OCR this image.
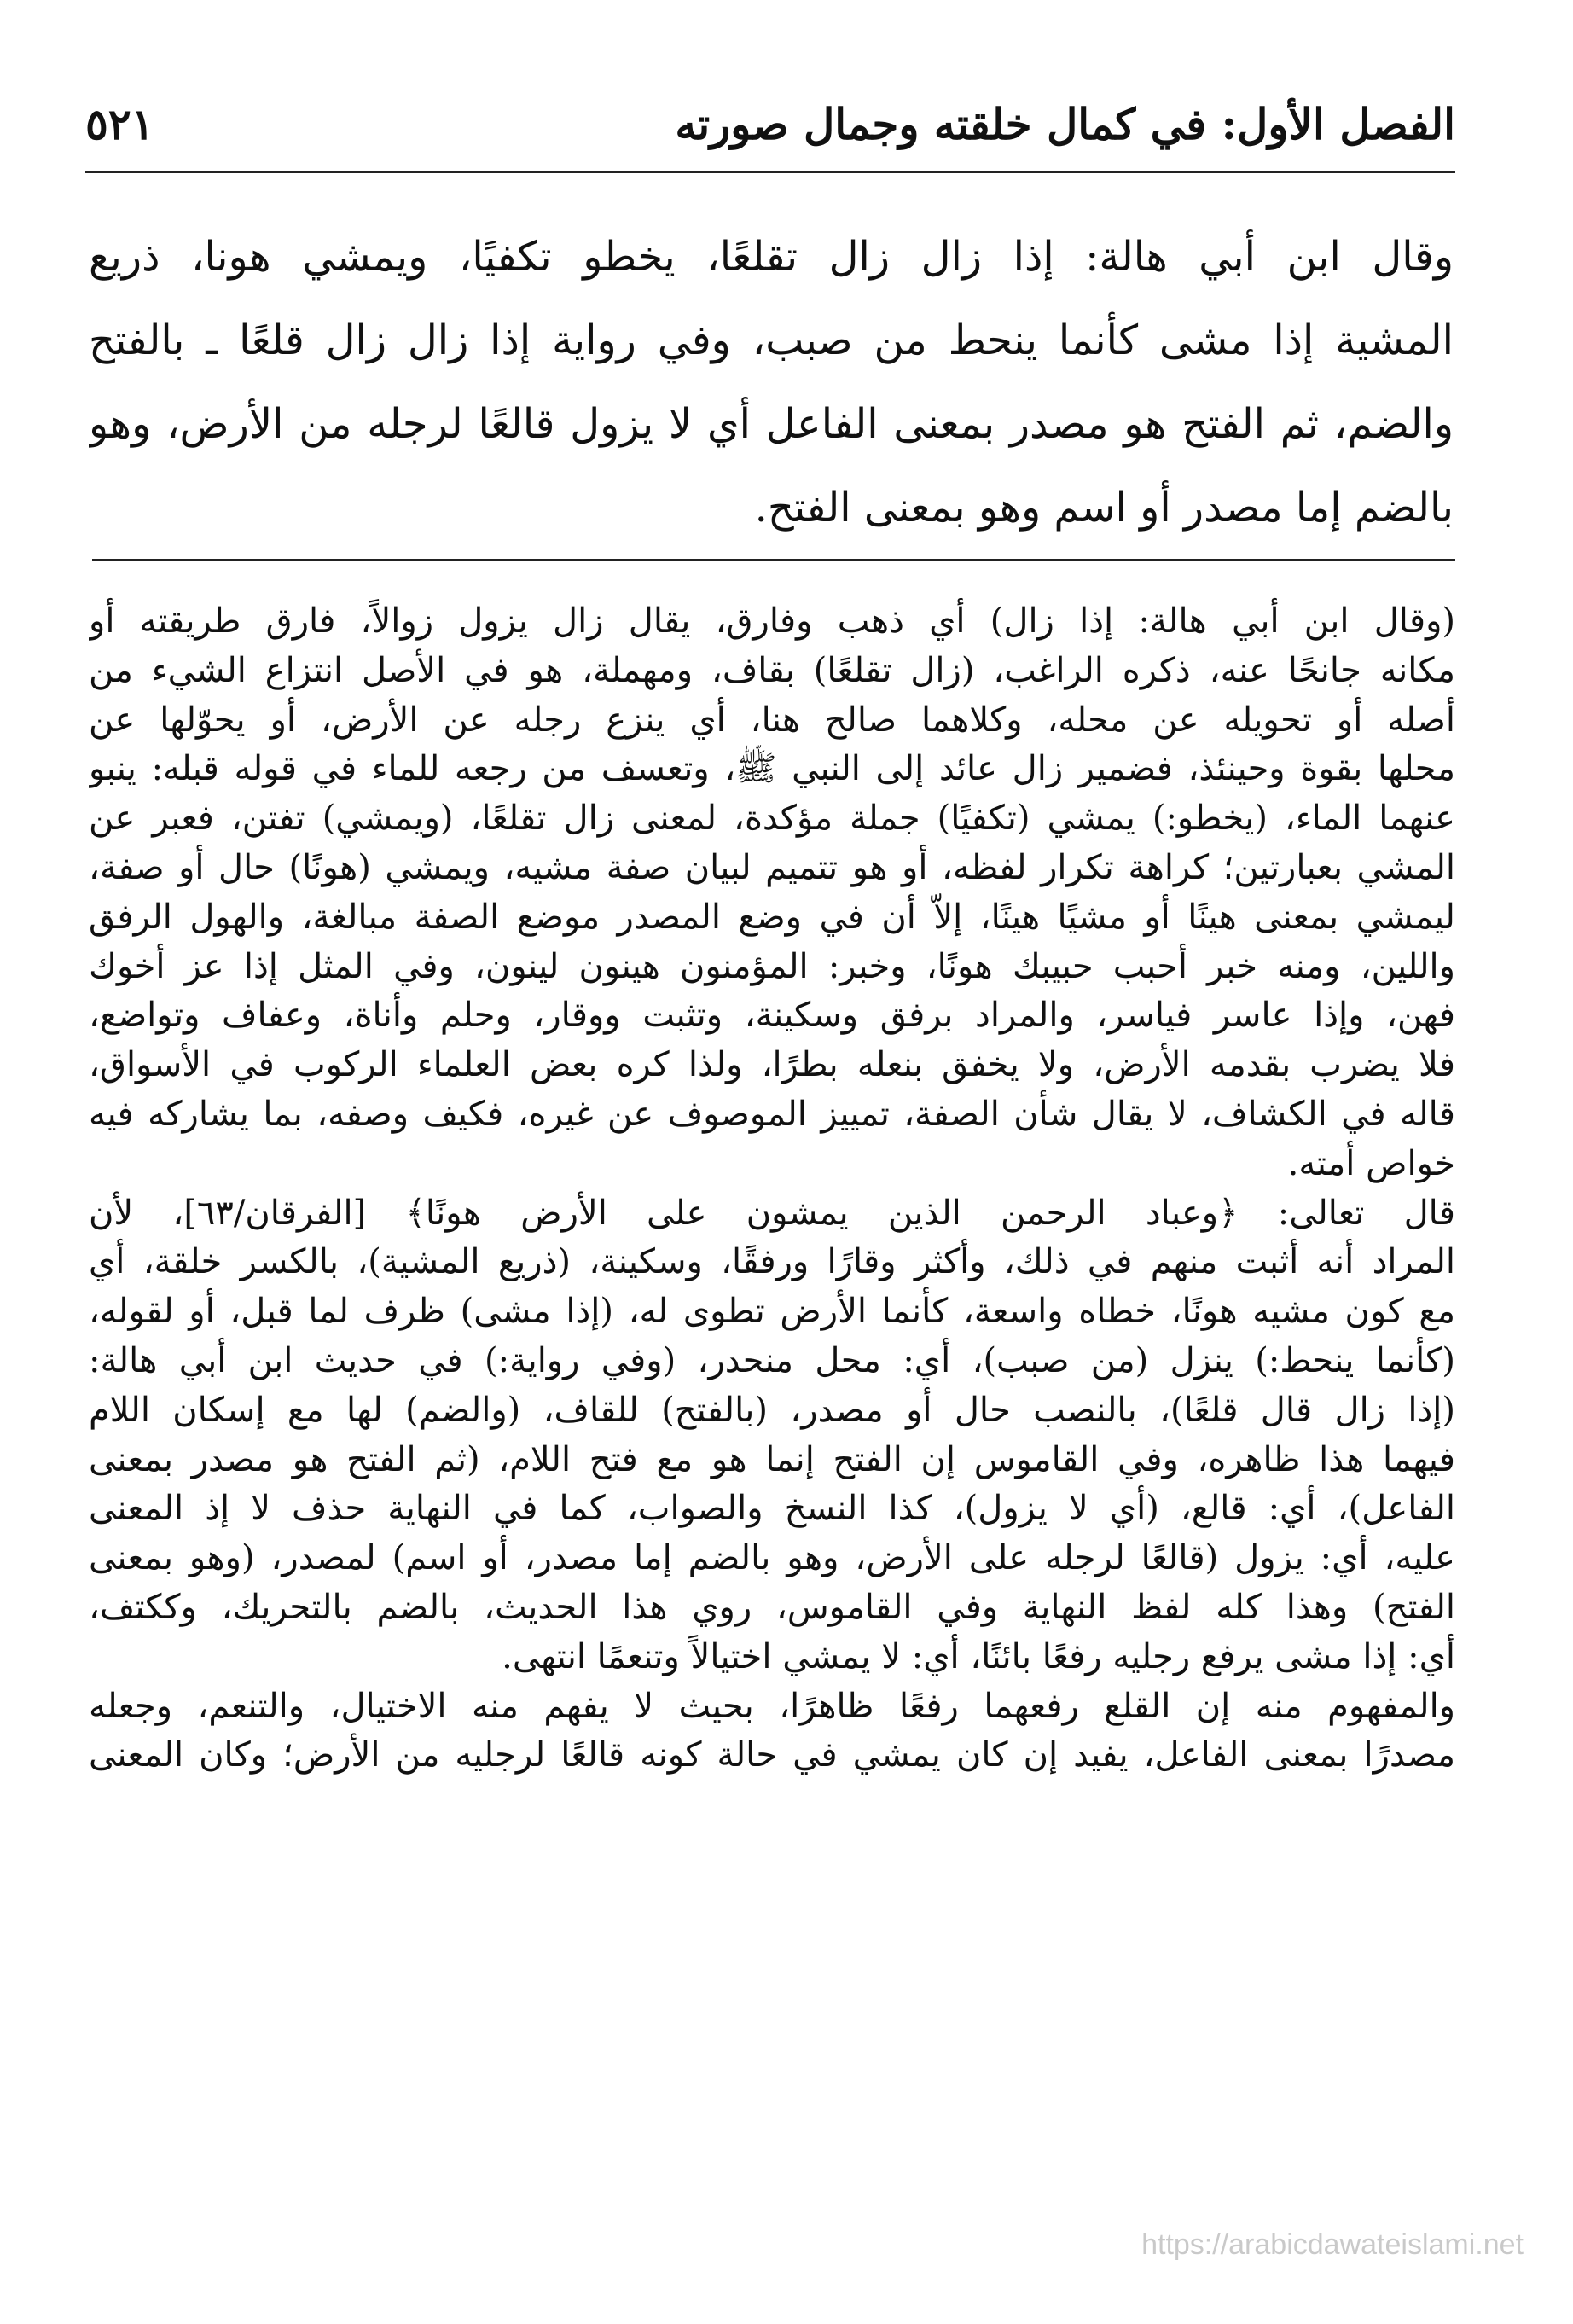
الفصل الأول: في كمال خلقته وجمال صورته
٥٢١
وقال ابن أبي هالة: إذا زال زال تقلعًا، يخطو تكفيًا، ويمشي هونا، ذريع
المشية إذا مشى كأنما ينحط من صبب، وفي رواية إذا زال زال قلعًا ـ بالفتح
والضم، ثم الفتح هو مصدر بمعنى الفاعل أي لا يزول قالعًا لرجله من الأرض، وهو
بالضم إما مصدر أو اسم وهو بمعنى الفتح.
(وقال ابن أبي هالة: إذا زال) أي ذهب وفارق، يقال زال يزول زوالاً، فارق طريقته أو
مكانه جانحًا عنه، ذكره الراغب، (زال تقلعًا) بقاف، ومهملة، هو في الأصل انتزاع الشيء من
أصله أو تحويله عن محله، وكلاهما صالح هنا، أي ينزع رجله عن الأرض، أو يحوّلها عن
محلها بقوة وحينئذ، فضمير زال عائد إلى النبي ﷺ، وتعسف من رجعه للماء في قوله قبله: ينبو
عنهما الماء، (يخطو:) يمشي (تكفيًا) جملة مؤكدة، لمعنى زال تقلعًا، (ويمشي) تفتن، فعبر عن
المشي بعبارتين؛ كراهة تكرار لفظه، أو هو تتميم لبيان صفة مشيه، ويمشي (هونًا) حال أو صفة،
ليمشي بمعنى هينًا أو مشيًا هينًا، إلاّ أن في وضع المصدر موضع الصفة مبالغة، والهول الرفق
واللين، ومنه خبر أحبب حبيبك هونًا، وخبر: المؤمنون هينون لينون، وفي المثل إذا عز أخوك
فهن، وإذا عاسر فياسر، والمراد برفق وسكينة، وتثبت ووقار، وحلم وأناة، وعفاف وتواضع،
فلا يضرب بقدمه الأرض، ولا يخفق بنعله بطرًا، ولذا كره بعض العلماء الركوب في الأسواق،
قاله في الكشاف، لا يقال شأن الصفة، تمييز الموصوف عن غيره، فكيف وصفه، بما يشاركه فيه
خواص أمته.
قال تعالى: ﴿وعباد الرحمن الذين يمشون على الأرض هونًا﴾ [الفرقان/٦٣]، لأن
المراد أنه أثبت منهم في ذلك، وأكثر وقارًا ورفقًا، وسكينة، (ذريع المشية)، بالكسر خلقة، أي
مع كون مشيه هونًا، خطاه واسعة، كأنما الأرض تطوى له، (إذا مشى) ظرف لما قبل، أو لقوله،
(كأنما ينحط:) ينزل (من صبب)، أي: محل منحدر، (وفي رواية:) في حديث ابن أبي هالة:
(إذا زال قال قلعًا)، بالنصب حال أو مصدر، (بالفتح) للقاف، (والضم) لها مع إسكان اللام
فيهما هذا ظاهره، وفي القاموس إن الفتح إنما هو مع فتح اللام، (ثم الفتح هو مصدر بمعنى
الفاعل)، أي: قالع، (أي لا يزول)، كذا النسخ والصواب، كما في النهاية حذف لا إذ المعنى
عليه، أي: يزول (قالعًا لرجله على الأرض، وهو بالضم إما مصدر، أو اسم) لمصدر، (وهو بمعنى
الفتح) وهذا كله لفظ النهاية وفي القاموس، روي هذا الحديث، بالضم بالتحريك، وككتف،
أي: إذا مشى يرفع رجليه رفعًا بائنًا، أي: لا يمشي اختيالاً وتنعمًا انتهى.
والمفهوم منه إن القلع رفعهما رفعًا ظاهرًا، بحيث لا يفهم منه الاختيال، والتنعم، وجعله
مصدرًا بمعنى الفاعل، يفيد إن كان يمشي في حالة كونه قالعًا لرجليه من الأرض؛ وكان المعنى
https://arabicdawateislami.net
